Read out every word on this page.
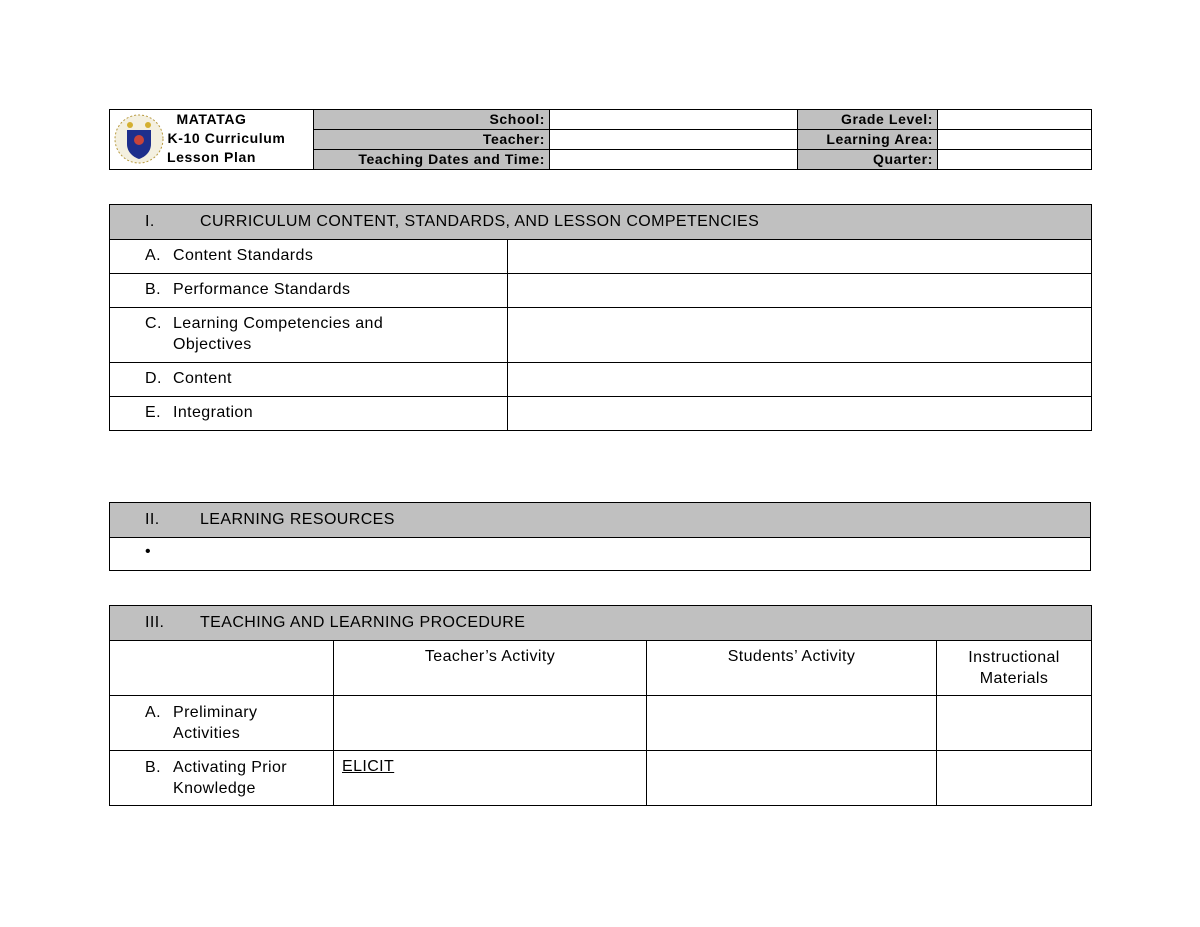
MATATAG
K-10 Curriculum
Lesson Plan	School:		Grade Level:	
	Teacher:		Learning Area:	
	Teaching Dates and Time:		Quarter:	
I. CURRICULUM CONTENT, STANDARDS, AND LESSON COMPETENCIES	
A. Content Standards	
B. Performance Standards	
C. Learning Competencies and Objectives	
D. Content	
E. Integration	
II.	LEARNING RESOURCES
•
III. TEACHING AND LEARNING PROCEDURE			
	Teacher’s Activity	Students’ Activity	Instructional Materials
A. Preliminary Activities			
B. Activating Prior Knowledge	ELICIT		
